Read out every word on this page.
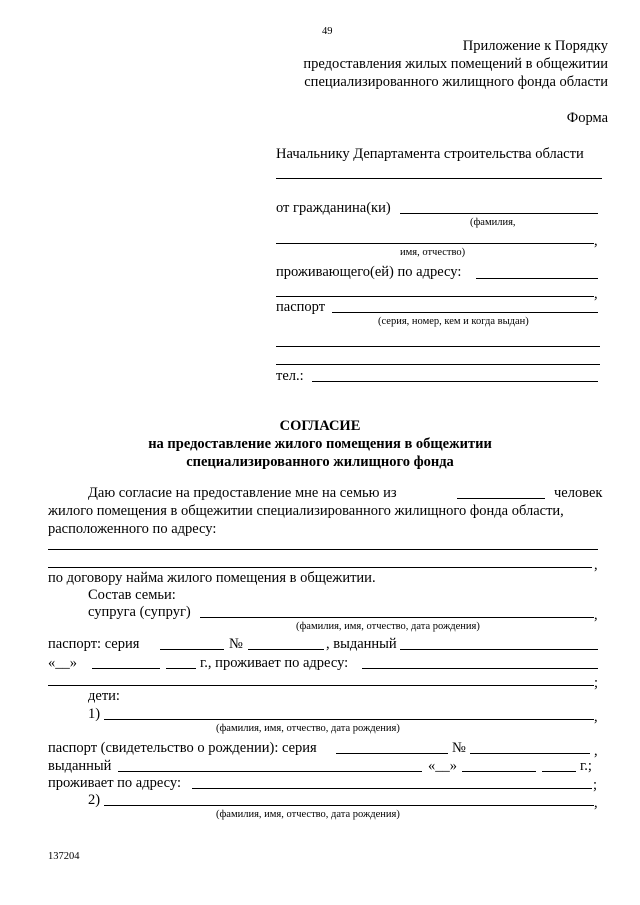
49
Приложение к Порядку
предоставления жилых помещений в общежитии
специализированного жилищного фонда области
Форма
Начальнику Департамента строительства области
от гражданина(ки)
(фамилия,
,
имя, отчество)
проживающего(ей) по адресу:
,
паспорт
(серия, номер, кем и когда выдан)
тел.:
СОГЛАСИЕ
на предоставление жилого помещения в общежитии
специализированного жилищного фонда
Даю согласие на предоставление мне на семью из	человек
жилого помещения в общежитии специализированного жилищного фонда области,
расположенного по адресу:
,
по договору найма жилого помещения в общежитии.
Состав семьи:
супруга (супруг)	,
(фамилия, имя, отчество, дата рождения)
паспорт: серия	№	, выданный
«__»	г., проживает по адресу:
;
дети:
1)	,
(фамилия, имя, отчество, дата рождения)
паспорт (свидетельство о рождении): серия	№	,
выданный	«__»	г.;
проживает по адресу:	;
2)	,
(фамилия, имя, отчество, дата рождения)
137204
